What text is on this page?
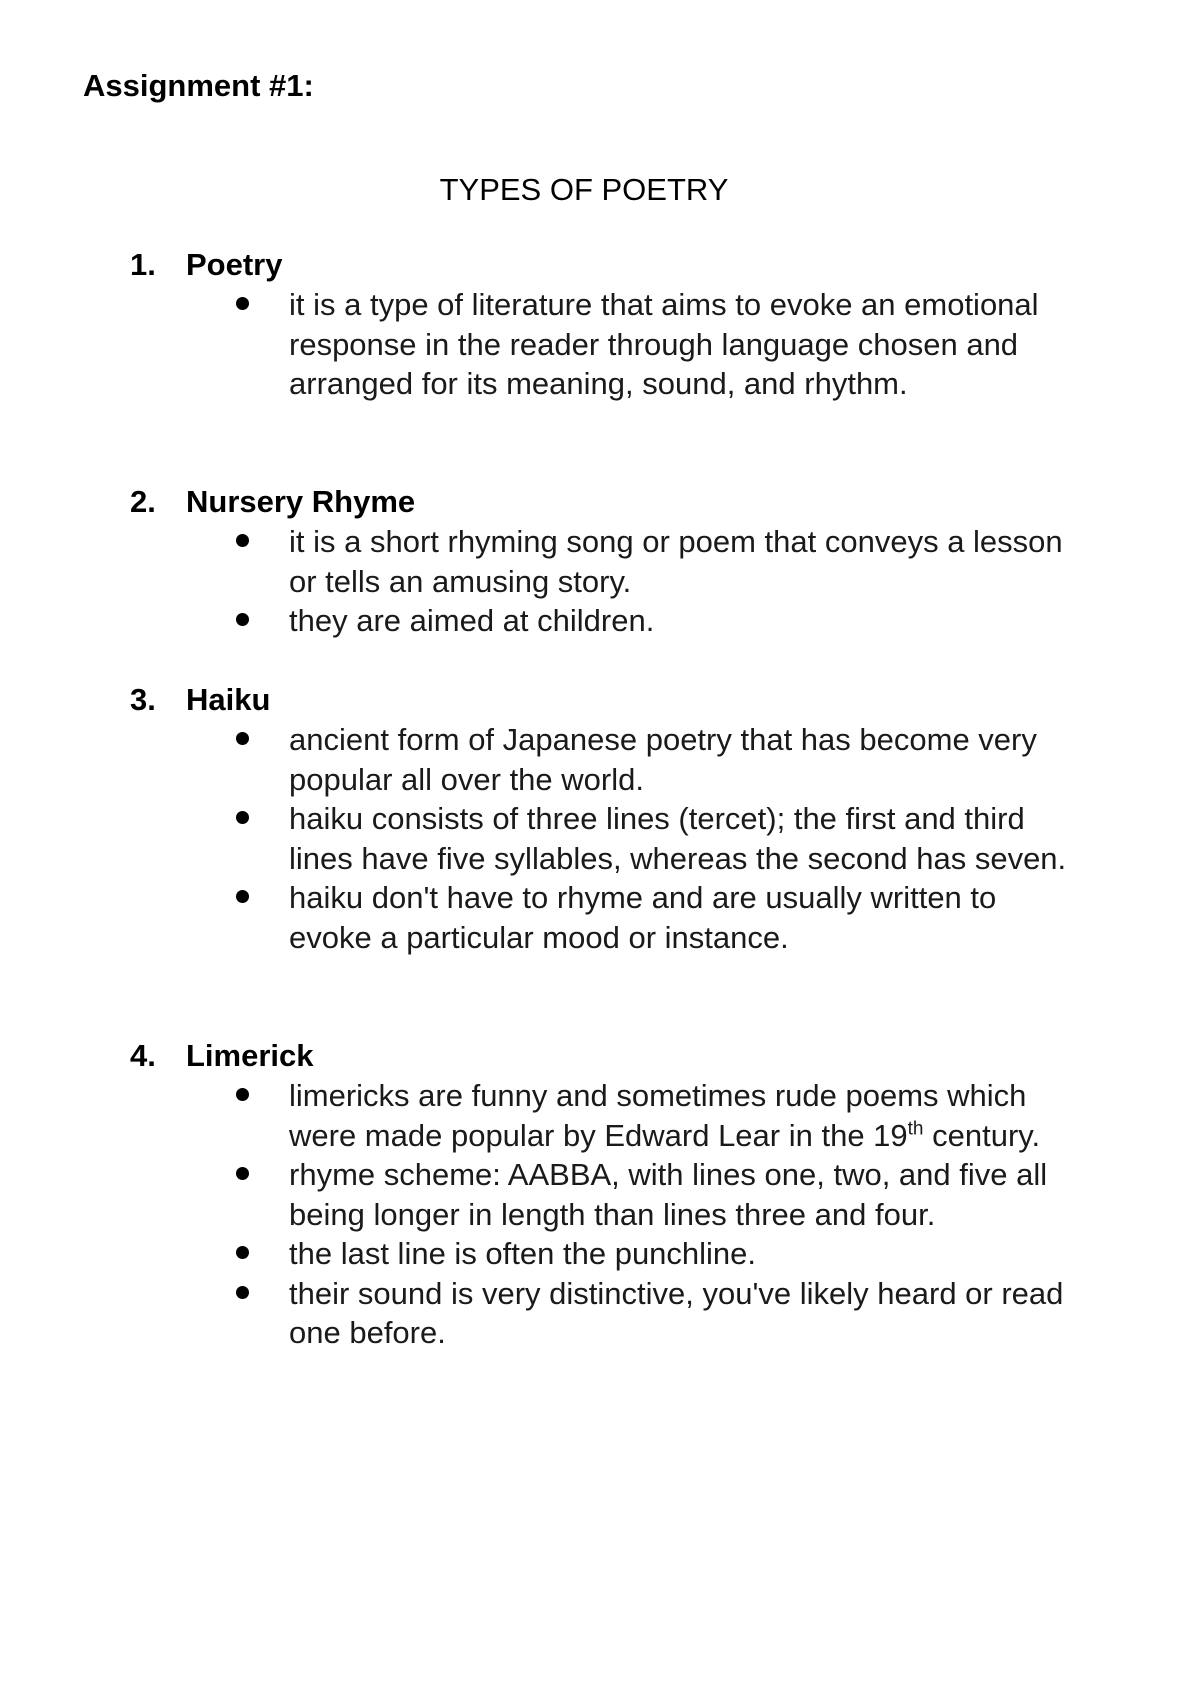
Assignment #1:
TYPES OF POETRY
1. Poetry
it is a type of literature that aims to evoke an emotional response in the reader through language chosen and arranged for its meaning, sound, and rhythm.
2. Nursery Rhyme
it is a short rhyming song or poem that conveys a lesson or tells an amusing story.
they are aimed at children.
3. Haiku
ancient form of Japanese poetry that has become very popular all over the world.
haiku consists of three lines (tercet); the first and third lines have five syllables, whereas the second has seven.
haiku don't have to rhyme and are usually written to evoke a particular mood or instance.
4. Limerick
limericks are funny and sometimes rude poems which were made popular by Edward Lear in the 19th century.
rhyme scheme: AABBA, with lines one, two, and five all being longer in length than lines three and four.
the last line is often the punchline.
their sound is very distinctive, you've likely heard or read one before.
